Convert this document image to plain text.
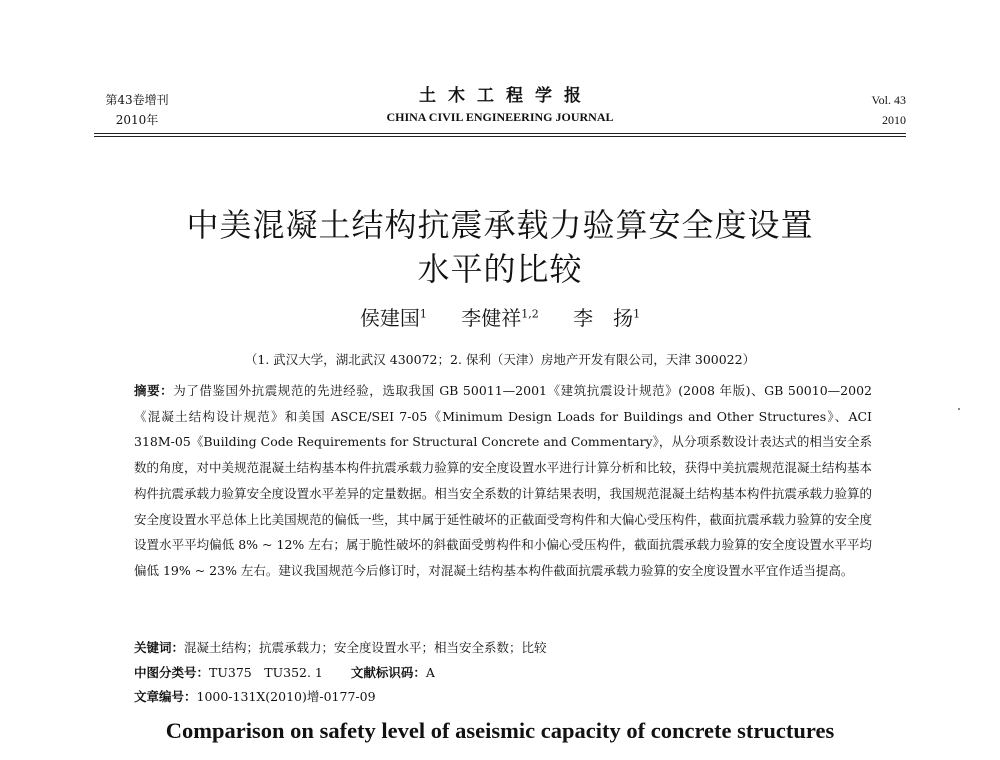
第43卷增刊
2010年
土木工程学报
CHINA CIVIL ENGINEERING JOURNAL
Vol. 43
2010
中美混凝土结构抗震承载力验算安全度设置
水平的比较
侯建国$^1$ 李健祥$^{1,2}$ 李　扬$^1$
（1. 武汉大学，湖北武汉 430072；2. 保利（天津）房地产开发有限公司，天津 300022）
摘要：为了借鉴国外抗震规范的先进经验，选取我国 GB 50011—2001《建筑抗震设计规范》(2008 年版)、GB 50010—2002《混凝土结构设计规范》和美国 ASCE/SEI 7-05《Minimum Design Loads for Buildings and Other Structures》、ACI 318M-05《Building Code Requirements for Structural Concrete and Commentary》，从分项系数设计表达式的相当安全系数的角度，对中美规范混凝土结构基本构件抗震承载力验算的安全度设置水平进行计算分析和比较，获得中美抗震规范混凝土结构基本构件抗震承载力验算安全度设置水平差异的定量数据。相当安全系数的计算结果表明，我国规范混凝土结构基本构件抗震承载力验算的安全度设置水平总体上比美国规范的偏低一些，其中属于延性破坏的正截面受弯构件和大偏心受压构件，截面抗震承载力验算的安全度设置水平平均偏低 8% ~ 12% 左右；属于脆性破坏的斜截面受剪构件和小偏心受压构件，截面抗震承载力验算的安全度设置水平平均偏低 19% ~ 23% 左右。建议我国规范今后修订时，对混凝土结构基本构件截面抗震承载力验算的安全度设置水平宜作适当提高。
关键词：混凝土结构；抗震承载力；安全度设置水平；相当安全系数；比较
中图分类号：TU375　TU352. 1 文献标识码：A
文章编号：1000-131X(2010)增-0177-09
Comparison on safety level of aseismic capacity of concrete structures
